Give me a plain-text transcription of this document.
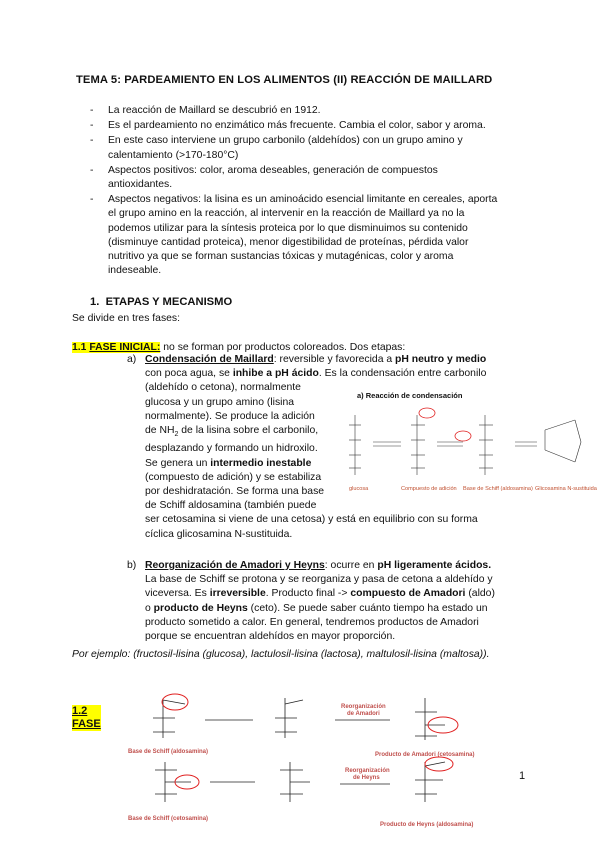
TEMA 5: PARDEAMIENTO EN LOS ALIMENTOS (II) REACCIÓN DE MAILLARD
- La reacción de Maillard se descubrió en 1912.
- Es el pardeamiento no enzimático más frecuente. Cambia el color, sabor y aroma.
- En este caso interviene un grupo carbonilo (aldehídos) con un grupo amino y
calentamiento (>170-180°C)
- Aspectos positivos: color, aroma deseables, generación de compuestos
antioxidantes.
- Aspectos negativos: la lisina es un aminoácido esencial limitante en cereales, aporta
el grupo amino en la reacción, al intervenir en la reacción de Maillard ya no la
podemos utilizar para la síntesis proteica por lo que disminuimos su contenido
(disminuye cantidad proteica), menor digestibilidad de proteínas, pérdida valor
nutritivo ya que se forman sustancias tóxicas y mutagénicas, color y aroma
indeseable.
1. ETAPAS Y MECANISMO
Se divide en tres fases:
1.1 FASE INICIAL: no se forman por productos coloreados. Dos etapas:
a) Condensación de Maillard: reversible y favorecida a pH neutro y medio
con poca agua, se inhibe a pH ácido. Es la condensación entre carbonilo
(aldehído o cetona), normalmente
glucosa y un grupo amino (lisina
normalmente). Se produce la adición
de $NH_2$ de la lisina sobre el carbonilo,
desplazando y formando un hidroxilo.
Se genera un intermedio inestable
(compuesto de adición) y se estabiliza
por deshidratación. Se forma una base
de Schiff aldosamina (también puede
ser cetosamina si viene de una cetosa) y está en equilibrio con su forma
cíclica glicosamina N-sustituida.
a) Reacción de condensación
glucosa	Compuesto de adición Base de Schiff (aldosamina) Glicosamina N-sustituida
b) Reorganización de Amadori y Heyns: ocurre en pH ligeramente ácidos.
La base de Schiff se protona y se reorganiza y pasa de cetona a aldehído y
viceversa. Es irreversible. Producto final -> compuesto de Amadori (aldo)
o producto de Heyns (ceto). Se puede saber cuánto tiempo ha estado un
producto sometido a calor. En general, tendremos productos de Amadori
porque se encuentran aldehídos en mayor proporción.
Por ejemplo: (fructosil-lisina (glucosa), lactulosil-lisina (lactosa), maltulosil-lisina (maltosa)).
1.2
FASE
Reorganización
de Amadori
Base de Schiff (aldosamina)	Producto de Amadori (cetosamina)
Reorganización
de Heyns
Base de Schiff (cetosamina)
Producto de Heyns (aldosamina)
1
